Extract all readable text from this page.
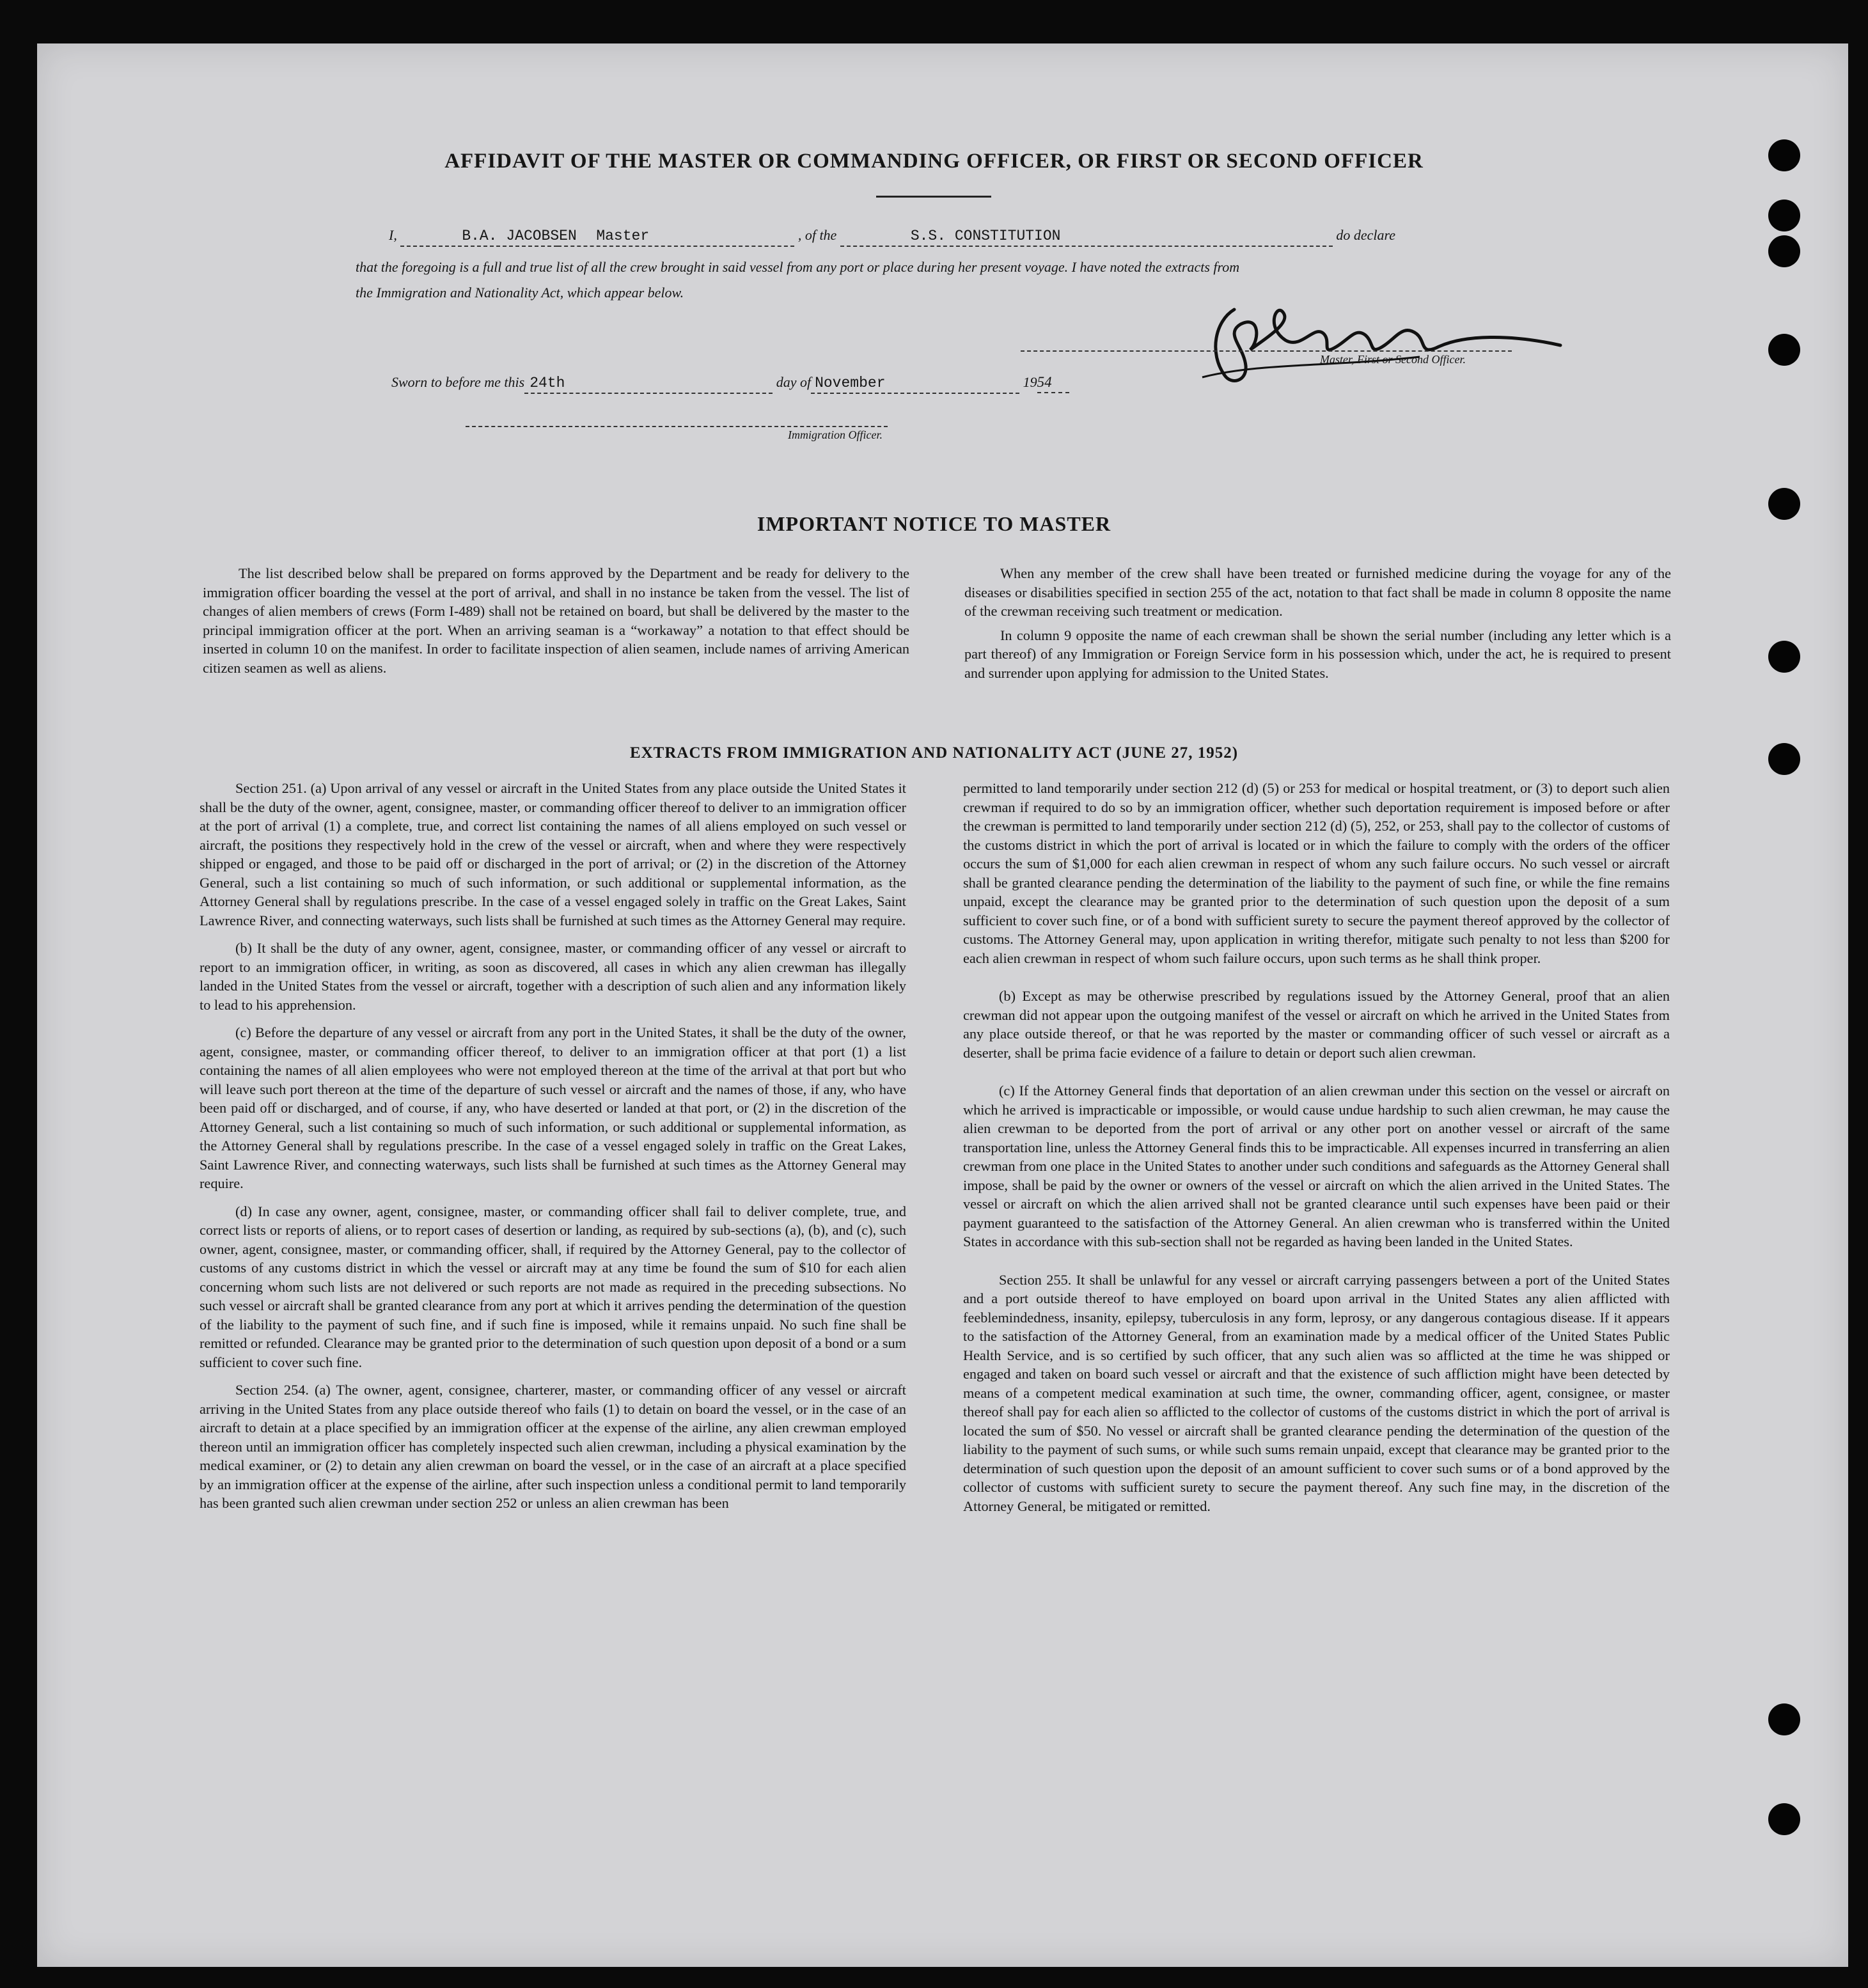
AFFIDAVIT OF THE MASTER OR COMMANDING OFFICER, OR FIRST OR SECOND OFFICER
I,	B.A. JACOBSEN Master	, of the	S.S. CONSTITUTION	do declare
that the foregoing is a full and true list of all the crew brought in said vessel from any port or place during her present voyage. I have noted the extracts from
the Immigration and Nationality Act, which appear below.
Master, First or Second Officer.
Sworn to before me this 24th	day of November	1954
Immigration Officer.
IMPORTANT NOTICE TO MASTER

The list described below shall be prepared on forms approved by the Department and be ready for delivery to the immigration officer boarding the vessel at the port of arrival, and shall in no instance be taken from the vessel. The list of changes of alien members of crews (Form I-489) shall not be retained on board, but shall be delivered by the master to the principal immigration officer at the port. When an arriving seaman is a “workaway” a notation to that effect should be inserted in column 10 on the manifest. In order to facilitate inspection of alien seamen, include names of arriving American citizen seamen as well as aliens.

When any member of the crew shall have been treated or furnished medicine during the voyage for any of the diseases or disabilities specified in section 255 of the act, notation to that fact shall be made in column 8 opposite the name of the crewman receiving such treatment or medication.

In column 9 opposite the name of each crewman shall be shown the serial number (including any letter which is a part thereof) of any Immigration or Foreign Service form in his possession which, under the act, he is required to present and surrender upon applying for admission to the United States.

EXTRACTS FROM IMMIGRATION AND NATIONALITY ACT (JUNE 27, 1952)

Section 251. (a) Upon arrival of any vessel or aircraft in the United States from any place outside the United States it shall be the duty of the owner, agent, consignee, master, or commanding officer thereof to deliver to an immigration officer at the port of arrival (1) a complete, true, and correct list containing the names of all aliens employed on such vessel or aircraft, the positions they respectively hold in the crew of the vessel or aircraft, when and where they were respectively shipped or engaged, and those to be paid off or discharged in the port of arrival; or (2) in the discretion of the Attorney General, such a list containing so much of such information, or such additional or supplemental information, as the Attorney General shall by regulations prescribe. In the case of a vessel engaged solely in traffic on the Great Lakes, Saint Lawrence River, and connecting waterways, such lists shall be furnished at such times as the Attorney General may require.

(b) It shall be the duty of any owner, agent, consignee, master, or commanding officer of any vessel or aircraft to report to an immigration officer, in writing, as soon as discovered, all cases in which any alien crewman has illegally landed in the United States from the vessel or aircraft, together with a description of such alien and any information likely to lead to his apprehension.

(c) Before the departure of any vessel or aircraft from any port in the United States, it shall be the duty of the owner, agent, consignee, master, or commanding officer thereof, to deliver to an immigration officer at that port (1) a list containing the names of all alien employees who were not employed thereon at the time of the arrival at that port but who will leave such port thereon at the time of the departure of such vessel or aircraft and the names of those, if any, who have been paid off or discharged, and of course, if any, who have deserted or landed at that port, or (2) in the discretion of the Attorney General, such a list containing so much of such information, or such additional or supplemental information, as the Attorney General shall by regulations prescribe. In the case of a vessel engaged solely in traffic on the Great Lakes, Saint Lawrence River, and connecting waterways, such lists shall be furnished at such times as the Attorney General may require.

(d) In case any owner, agent, consignee, master, or commanding officer shall fail to deliver complete, true, and correct lists or reports of aliens, or to report cases of desertion or landing, as required by sub-sections (a), (b), and (c), such owner, agent, consignee, master, or commanding officer, shall, if required by the Attorney General, pay to the collector of customs of any customs district in which the vessel or aircraft may at any time be found the sum of $10 for each alien concerning whom such lists are not delivered or such reports are not made as required in the preceding subsections. No such vessel or aircraft shall be granted clearance from any port at which it arrives pending the determination of the question of the liability to the payment of such fine, and if such fine is imposed, while it remains unpaid. No such fine shall be remitted or refunded. Clearance may be granted prior to the determination of such question upon deposit of a bond or a sum sufficient to cover such fine.

Section 254. (a) The owner, agent, consignee, charterer, master, or commanding officer of any vessel or aircraft arriving in the United States from any place outside thereof who fails (1) to detain on board the vessel, or in the case of an aircraft to detain at a place specified by an immigration officer at the expense of the airline, any alien crewman employed thereon until an immigration officer has completely inspected such alien crewman, including a physical examination by the medical examiner, or (2) to detain any alien crewman on board the vessel, or in the case of an aircraft at a place specified by an immigration officer at the expense of the airline, after such inspection unless a conditional permit to land temporarily has been granted such alien crewman under section 252 or unless an alien crewman has been

permitted to land temporarily under section 212 (d) (5) or 253 for medical or hospital treatment, or (3) to deport such alien crewman if required to do so by an immigration officer, whether such deportation requirement is imposed before or after the crewman is permitted to land temporarily under section 212 (d) (5), 252, or 253, shall pay to the collector of customs of the customs district in which the port of arrival is located or in which the failure to comply with the orders of the officer occurs the sum of $1,000 for each alien crewman in respect of whom any such failure occurs. No such vessel or aircraft shall be granted clearance pending the determination of the liability to the payment of such fine, or while the fine remains unpaid, except the clearance may be granted prior to the determination of such question upon the deposit of a sum sufficient to cover such fine, or of a bond with sufficient surety to secure the payment thereof approved by the collector of customs. The Attorney General may, upon application in writing therefor, mitigate such penalty to not less than $200 for each alien crewman in respect of whom such failure occurs, upon such terms as he shall think proper.

(b) Except as may be otherwise prescribed by regulations issued by the Attorney General, proof that an alien crewman did not appear upon the outgoing manifest of the vessel or aircraft on which he arrived in the United States from any place outside thereof, or that he was reported by the master or commanding officer of such vessel or aircraft as a deserter, shall be prima facie evidence of a failure to detain or deport such alien crewman.

(c) If the Attorney General finds that deportation of an alien crewman under this section on the vessel or aircraft on which he arrived is impracticable or impossible, or would cause undue hardship to such alien crewman, he may cause the alien crewman to be deported from the port of arrival or any other port on another vessel or aircraft of the same transportation line, unless the Attorney General finds this to be impracticable. All expenses incurred in transferring an alien crewman from one place in the United States to another under such conditions and safeguards as the Attorney General shall impose, shall be paid by the owner or owners of the vessel or aircraft on which the alien arrived in the United States. The vessel or aircraft on which the alien arrived shall not be granted clearance until such expenses have been paid or their payment guaranteed to the satisfaction of the Attorney General. An alien crewman who is transferred within the United States in accordance with this sub-section shall not be regarded as having been landed in the United States.

Section 255. It shall be unlawful for any vessel or aircraft carrying passengers between a port of the United States and a port outside thereof to have employed on board upon arrival in the United States any alien afflicted with feeblemindedness, insanity, epilepsy, tuberculosis in any form, leprosy, or any dangerous contagious disease. If it appears to the satisfaction of the Attorney General, from an examination made by a medical officer of the United States Public Health Service, and is so certified by such officer, that any such alien was so afflicted at the time he was shipped or engaged and taken on board such vessel or aircraft and that the existence of such affliction might have been detected by means of a competent medical examination at such time, the owner, commanding officer, agent, consignee, or master thereof shall pay for each alien so afflicted to the collector of customs of the customs district in which the port of arrival is located the sum of $50. No vessel or aircraft shall be granted clearance pending the determination of the question of the liability to the payment of such sums, or while such sums remain unpaid, except that clearance may be granted prior to the determination of such question upon the deposit of an amount sufficient to cover such sums or of a bond approved by the collector of customs with sufficient surety to secure the payment thereof. Any such fine may, in the discretion of the Attorney General, be mitigated or remitted.
